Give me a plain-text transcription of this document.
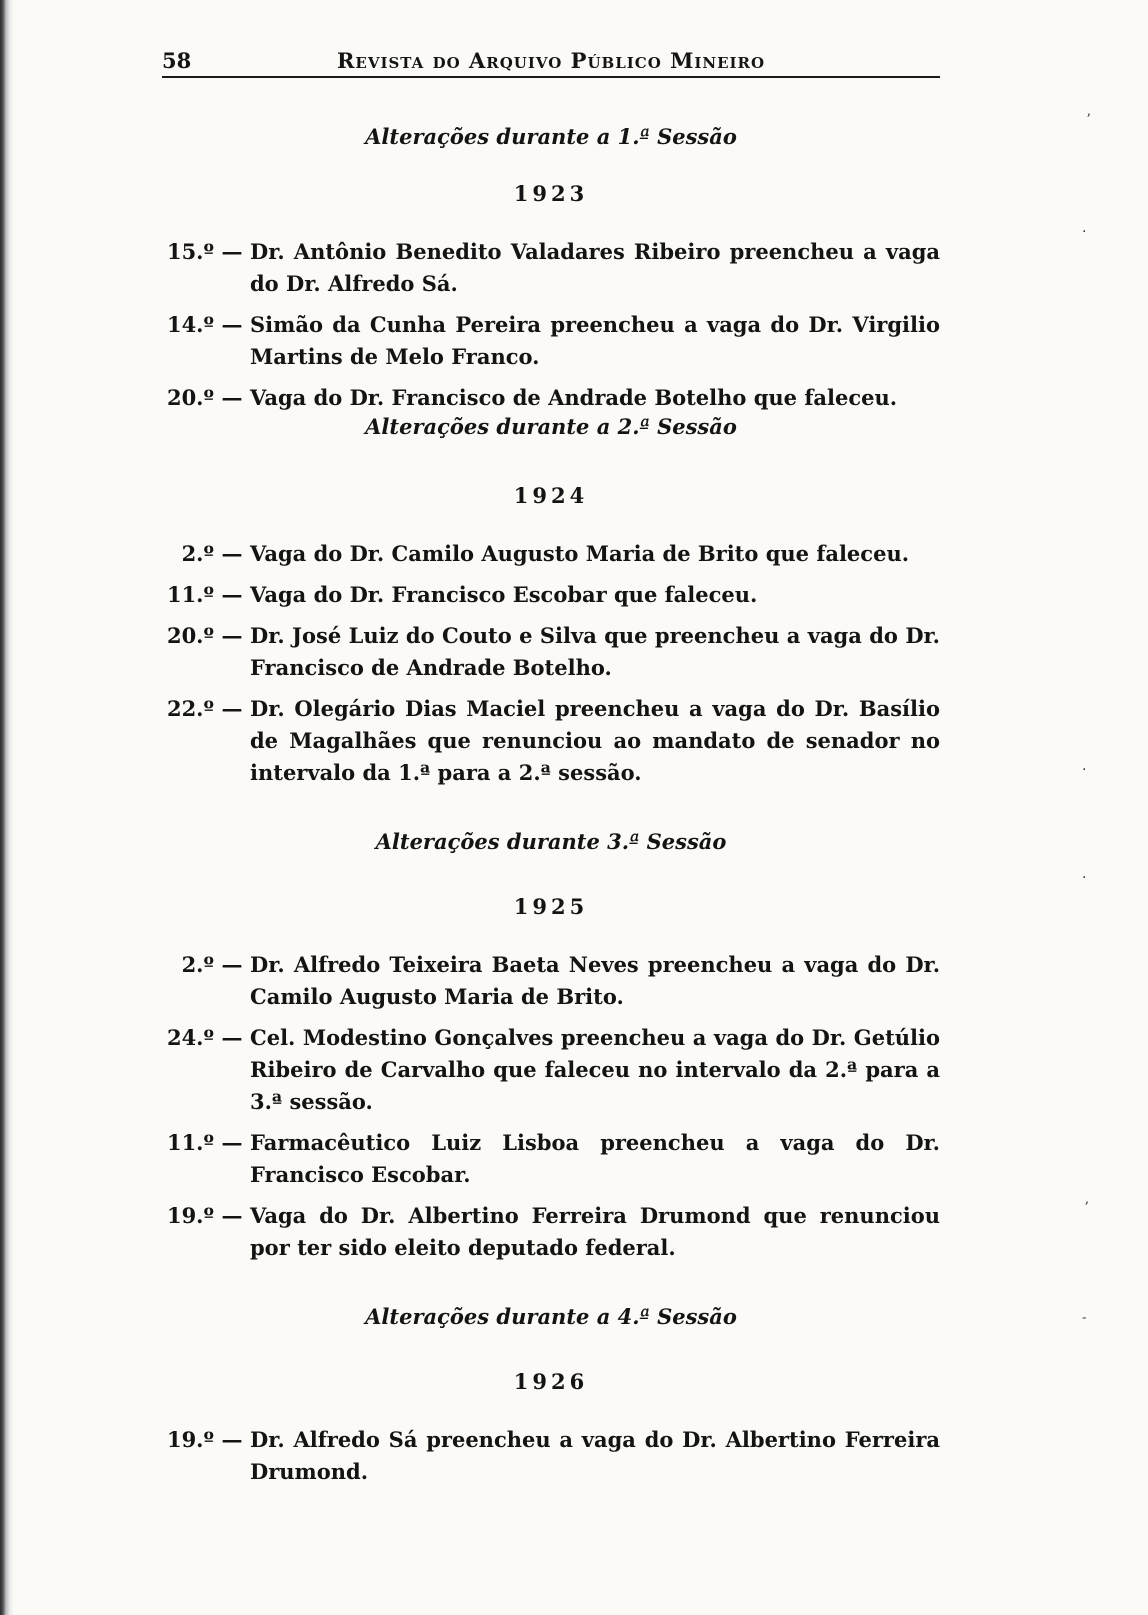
58	Revista do Arquivo Público Mineiro
Alterações durante a 1.ª Sessão
1923
15.º — Dr. Antônio Benedito Valadares Ribeiro preencheu a vaga do Dr. Alfredo Sá.
14.º — Simão da Cunha Pereira preencheu a vaga do Dr. Virgilio Martins de Melo Franco.
20.º — Vaga do Dr. Francisco de Andrade Botelho que faleceu.
Alterações durante a 2.ª Sessão
1924
2.º — Vaga do Dr. Camilo Augusto Maria de Brito que faleceu.
11.º — Vaga do Dr. Francisco Escobar que faleceu.
20.º — Dr. José Luiz do Couto e Silva que preencheu a vaga do Dr. Francisco de Andrade Botelho.
22.º — Dr. Olegário Dias Maciel preencheu a vaga do Dr. Basílio de Magalhães que renunciou ao mandato de senador no intervalo da 1.ª para a 2.ª sessão.
Alterações durante 3.ª Sessão
1925
2.º — Dr. Alfredo Teixeira Baeta Neves preencheu a vaga do Dr. Camilo Augusto Maria de Brito.
24.º — Cel. Modestino Gonçalves preencheu a vaga do Dr. Getúlio Ribeiro de Carvalho que faleceu no intervalo da 2.ª para a 3.ª sessão.
11.º — Farmacêutico Luiz Lisboa preencheu a vaga do Dr. Francisco Escobar.
19.º — Vaga do Dr. Albertino Ferreira Drumond que renunciou por ter sido eleito deputado federal.
Alterações durante a 4.ª Sessão
1926
19.º — Dr. Alfredo Sá preencheu a vaga do Dr. Albertino Ferreira Drumond.
ʼ
·
·
·
ʼ
˗
